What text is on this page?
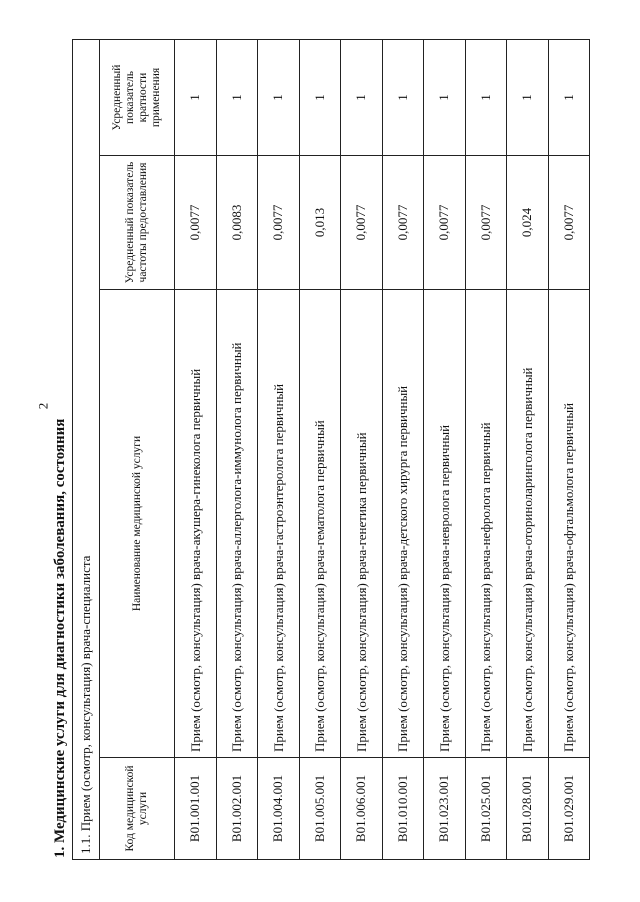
2
1. Медицинские услуги для диагностики заболевания, состояния 1.1. Прием (осмотр, консультация) врача-специалиста			
Код медицинской услуги	Наименование медицинской услуги	Усредненный показатель частоты предоставления	Усредненный показатель кратности применения
B01.001.001	Прием (осмотр, консультация) врача-акушера-гинеколога первичный	0,0077	1
B01.002.001	Прием (осмотр, консультация) врача-аллерголога-иммунолога первичный	0,0083	1
B01.004.001	Прием (осмотр, консультация) врача-гастроэнтеролога первичный	0,0077	1
B01.005.001	Прием (осмотр, консультация) врача-гематолога первичный	0,013	1
B01.006.001	Прием (осмотр, консультация) врача-генетика первичный	0,0077	1
B01.010.001	Прием (осмотр, консультация) врача-детского хирурга первичный	0,0077	1
B01.023.001	Прием (осмотр, консультация) врача-невролога первичный	0,0077	1
B01.025.001	Прием (осмотр, консультация) врача-нефролога первичный	0,0077	1
B01.028.001	Прием (осмотр, консультация) врача-оториноларинголога первичный	0,024	1
B01.029.001	Прием (осмотр, консультация) врача-офтальмолога первичный	0,0077	1
